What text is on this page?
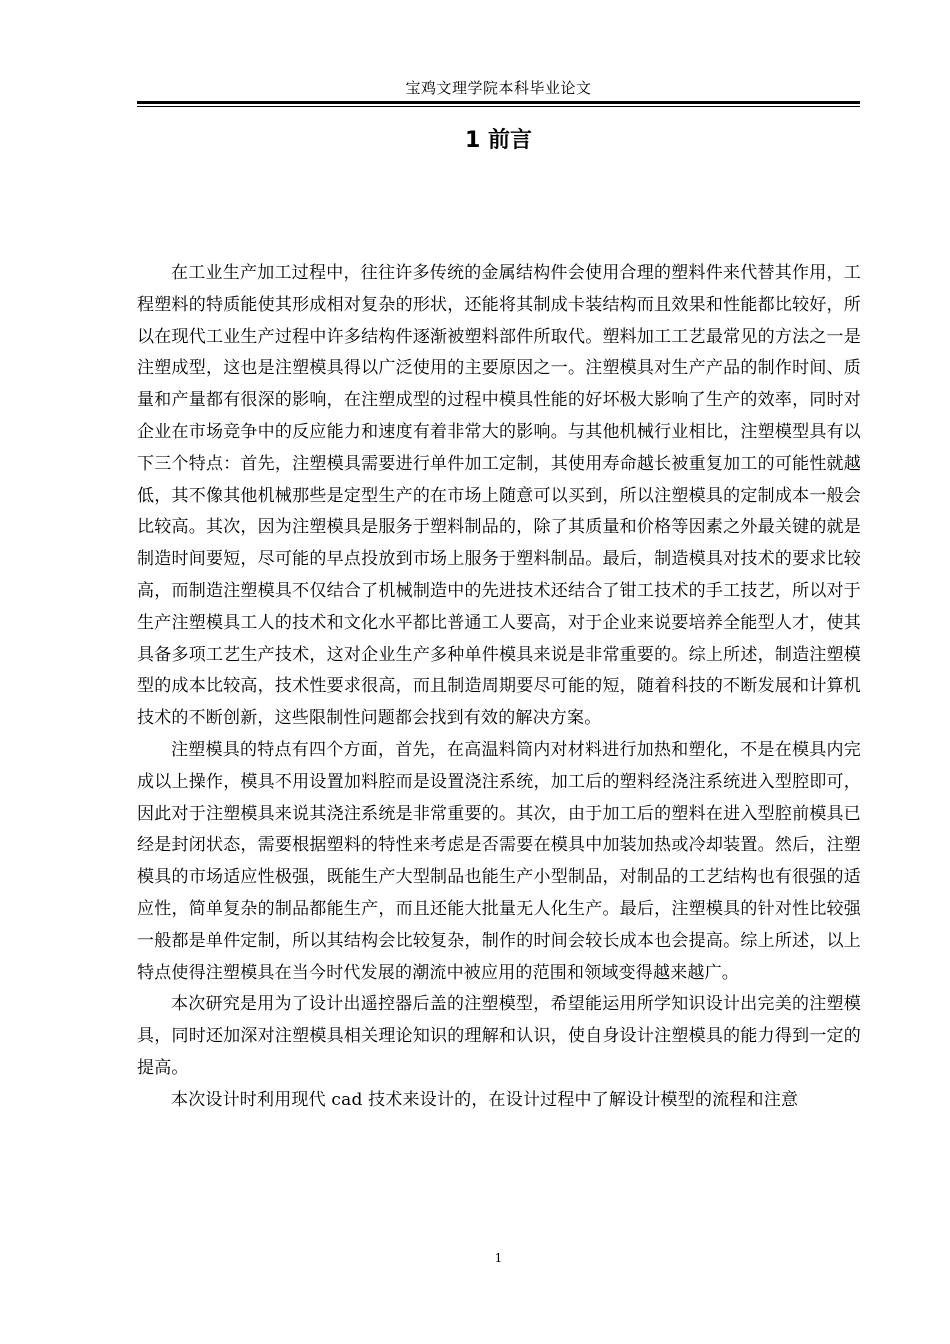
宝鸡文理学院本科毕业论文
1 前言

在工业生产加工过程中，往往许多传统的金属结构件会使用合理的塑料件来代替其作用，工程塑料的特质能使其形成相对复杂的形状，还能将其制成卡装结构而且效果和性能都比较好，所以在现代工业生产过程中许多结构件逐渐被塑料部件所取代。塑料加工工艺最常见的方法之一是注塑成型，这也是注塑模具得以广泛使用的主要原因之一。注塑模具对生产产品的制作时间、质量和产量都有很深的影响，在注塑成型的过程中模具性能的好坏极大影响了生产的效率，同时对企业在市场竞争中的反应能力和速度有着非常大的影响。与其他机械行业相比，注塑模型具有以下三个特点：首先，注塑模具需要进行单件加工定制，其使用寿命越长被重复加工的可能性就越低，其不像其他机械那些是定型生产的在市场上随意可以买到，所以注塑模具的定制成本一般会比较高。其次，因为注塑模具是服务于塑料制品的，除了其质量和价格等因素之外最关键的就是制造时间要短，尽可能的早点投放到市场上服务于塑料制品。最后，制造模具对技术的要求比较高，而制造注塑模具不仅结合了机械制造中的先进技术还结合了钳工技术的手工技艺，所以对于生产注塑模具工人的技术和文化水平都比普通工人要高，对于企业来说要培养全能型人才，使其具备多项工艺生产技术，这对企业生产多种单件模具来说是非常重要的。综上所述，制造注塑模型的成本比较高，技术性要求很高，而且制造周期要尽可能的短，随着科技的不断发展和计算机技术的不断创新，这些限制性问题都会找到有效的解决方案。

注塑模具的特点有四个方面，首先，在高温料筒内对材料进行加热和塑化，不是在模具内完成以上操作，模具不用设置加料腔而是设置浇注系统，加工后的塑料经浇注系统进入型腔即可，因此对于注塑模具来说其浇注系统是非常重要的。其次，由于加工后的塑料在进入型腔前模具已经是封闭状态，需要根据塑料的特性来考虑是否需要在模具中加装加热或冷却装置。然后，注塑模具的市场适应性极强，既能生产大型制品也能生产小型制品，对制品的工艺结构也有很强的适应性，简单复杂的制品都能生产，而且还能大批量无人化生产。最后，注塑模具的针对性比较强一般都是单件定制，所以其结构会比较复杂，制作的时间会较长成本也会提高。综上所述，以上特点使得注塑模具在当今时代发展的潮流中被应用的范围和领域变得越来越广。

本次研究是用为了设计出遥控器后盖的注塑模型，希望能运用所学知识设计出完美的注塑模具，同时还加深对注塑模具相关理论知识的理解和认识，使自身设计注塑模具的能力得到一定的提高。

本次设计时利用现代 cad 技术来设计的，在设计过程中了解设计模型的流程和注意

1
